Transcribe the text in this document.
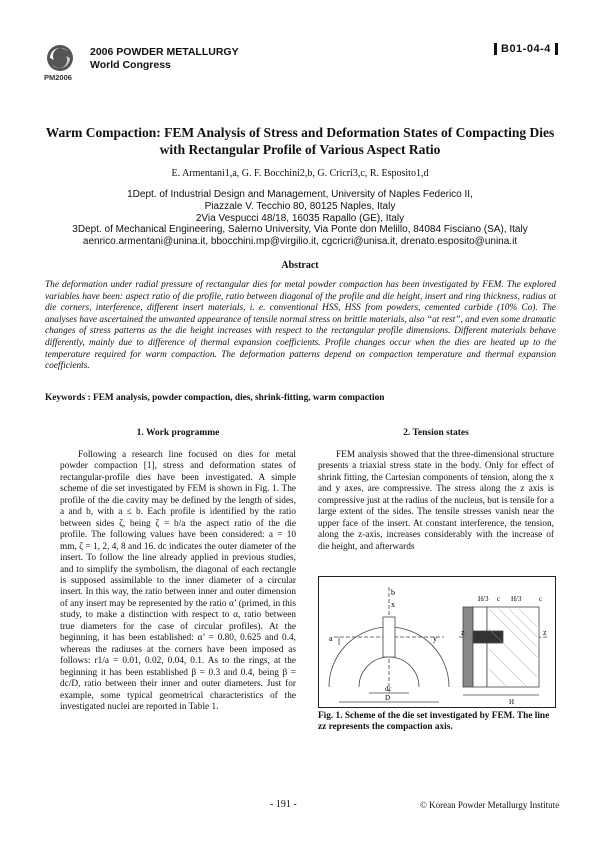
PM2006
2006 POWDER METALLURGY
World Congress
B01-04-4
Warm Compaction: FEM Analysis of Stress and Deformation States of Compacting Dies with Rectangular Profile of Various Aspect Ratio
E. Armentani1,a, G. F. Bocchini2,b, G. Cricri3,c, R. Esposito1,d
1Dept. of Industrial Design and Management, University of Naples Federico II,
Piazzale V. Tecchio 80, 80125 Naples, Italy
2Via Vespucci 48/18, 16035 Rapallo (GE), Italy
3Dept. of Mechanical Engineering, Salerno University, Via Ponte don Melillo, 84084 Fisciano (SA), Italy
aenrico.armentani@unina.it, bbocchini.mp@virgilio.it, cgcricri@unisa.it, drenato.esposito@unina.it
Abstract

The deformation under radial pressure of rectangular dies for metal powder compaction has been investigated by FEM. The explored variables have been: aspect ratio of die profile, ratio between diagonal of the profile and die height, insert and ring thickness, radius at die corners, interference, different insert materials, i. e. conventional HSS, HSS from powders, cemented carbide (10% Co). The analyses have ascertained the unwanted appearance of tensile normal stress on brittle materials, also “at rest”, and even some dramatic changes of stress patterns as the die height increases with respect to the rectangular profile dimensions. Different materials behave differently, mainly due to difference of thermal expansion coefficients. Profile changes occur when the dies are heated up to the temperature required for warm compaction. The deformation patterns depend on compaction temperature and thermal expansion coefficients.

Keywords : FEM analysis, powder compaction, dies, shrink-fitting, warm compaction
1. Work programme

Following a research line focused on dies for metal powder compaction [1], stress and deformation states of rectangular-profile dies have been investigated. A simple scheme of die set investigated by FEM is shown in Fig. 1. The profile of the die cavity may be defined by the length of sides, a and b, with a ≤ b. Each profile is identified by the ratio between sides ζ, being ζ = b/a the aspect ratio of the die profile. The following values have been considered: a = 10 mm, ζ = 1, 2, 4, 8 and 16. dc indicates the outer diameter of the insert. To follow the line already applied in previous studies, and to simplify the symbolism, the diagonal of each rectangle is supposed assimilable to the inner diameter of a circular insert. In this way, the ratio between inner and outer dimension of any insert may be represented by the ratio α’ (primed, in this study, to make a distinction with respect to α, ratio between true diameters for the case of circular profiles). At the beginning, it has been established: α’ = 0.80, 0.625 and 0.4, whereas the radiuses at the corners have been imposed as follows: r1/a = 0.01, 0.02, 0.04, 0.1. As to the rings, at the beginning it has been established β = 0.3 and 0.4, being β = dc/D, ratio between their inner and outer diameters. Just for example, some typical geometrical characteristics of the investigated nuclei are reported in Table 1.

2. Tension states

FEM analysis showed that the three-dimensional structure presents a triaxial stress state in the body. Only for effect of shrink fitting, the Cartesian components of tension, along the x and y axes, are compressive. The stress along the z axis is compressive just at the radius of the nucleus, but is tensile for a large extent of the sides. The tensile stresses vanish near the upper face of the insert. At constant interference, the tension, along the z-axis, increases considerably with the increase of die height, and afterwards

b
x
a	y
dc
D
H/3 c H/3	c
z	z
H

Fig. 1. Scheme of the die set investigated by FEM. The line zz represents the compaction axis.

- 191 -	© Korean Powder Metallurgy Institute
